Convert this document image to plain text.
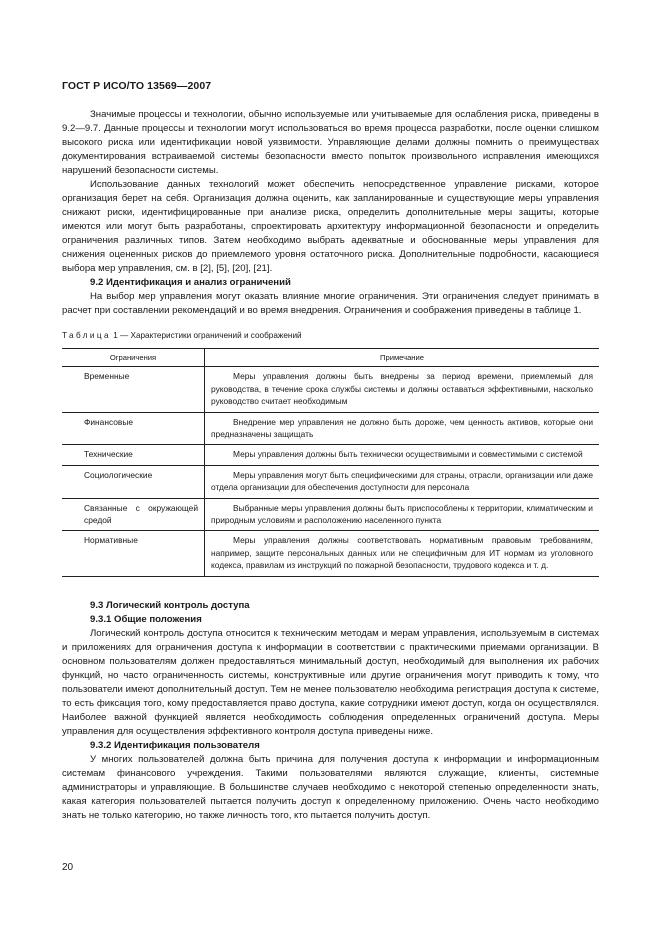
ГОСТ Р ИСО/ТО 13569—2007

Значимые процессы и технологии, обычно используемые или учитываемые для ослабления риска, приведены в 9.2—9.7. Данные процессы и технологии могут использоваться во время процесса разработки, после оценки слишком высокого риска или идентификации новой уязвимости. Управляющие делами должны помнить о преимуществах документирования встраиваемой системы безопасности вместо попыток произвольного исправления имеющихся нарушений безопасности системы.

Использование данных технологий может обеспечить непосредственное управление рисками, которое организация берет на себя. Организация должна оценить, как запланированные и существующие меры управления снижают риски, идентифицированные при анализе риска, определить дополнительные меры защиты, которые имеются или могут быть разработаны, спроектировать архитектуру информационной безопасности и определить ограничения различных типов. Затем необходимо выбрать адекватные и обоснованные меры управления для снижения оцененных рисков до приемлемого уровня остаточного риска. Дополнительные подробности, касающиеся выбора мер управления, см. в [2], [5], [20], [21].

9.2 Идентификация и анализ ограничений

На выбор мер управления могут оказать влияние многие ограничения. Эти ограничения следует принимать в расчет при составлении рекомендаций и во время внедрения. Ограничения и соображения приведены в таблице 1.

Таблица 1 — Характеристики ограничений и соображений
Ограничения	Примечание

Временные	Меры управления должны быть внедрены за период времени, приемлемый для руководства, в течение срока службы системы и должны оставаться эффективными, насколько руководство считает необходимым

Финансовые	Внедрение мер управления не должно быть дороже, чем ценность активов, которые они предназначены защищать

Технические	Меры управления должны быть технически осуществимыми и совместимыми с системой

Социологические	Меры управления могут быть специфическими для страны, отрасли, организации или даже отдела организации для обеспечения доступности для персонала

Связанные с окружающей средой	Выбранные меры управления должны быть приспособлены к территории, климатическим и природным условиям и расположению населенного пункта

Нормативные	Меры управления должны соответствовать нормативным правовым требованиям, например, защите персональных данных или не специфичным для ИТ нормам из уголовного кодекса, правилам из инструкций по пожарной безопасности, трудового кодекса и т. д.

9.3 Логический контроль доступа

9.3.1 Общие положения

Логический контроль доступа относится к техническим методам и мерам управления, используемым в системах и приложениях для ограничения доступа к информации в соответствии с практическими приемами организации. В основном пользователям должен предоставляться минимальный доступ, необходимый для выполнения их рабочих функций, но часто ограниченность системы, конструктивные или другие ограничения могут приводить к тому, что пользователи имеют дополнительный доступ. Тем не менее пользователю необходима регистрация доступа к системе, то есть фиксация того, кому предоставляется право доступа, какие сотрудники имеют доступ, когда он осуществлялся. Наиболее важной функцией является необходимость соблюдения определенных ограничений доступа. Меры управления для осуществления эффективного контроля доступа приведены ниже.

9.3.2 Идентификация пользователя

У многих пользователей должна быть причина для получения доступа к информации и информационным системам финансового учреждения. Такими пользователями являются служащие, клиенты, системные администраторы и управляющие. В большинстве случаев необходимо с некоторой степенью определенности знать, какая категория пользователей пытается получить доступ к определенному приложению. Очень часто необходимо знать не только категорию, но также личность того, кто пытается получить доступ.

20
